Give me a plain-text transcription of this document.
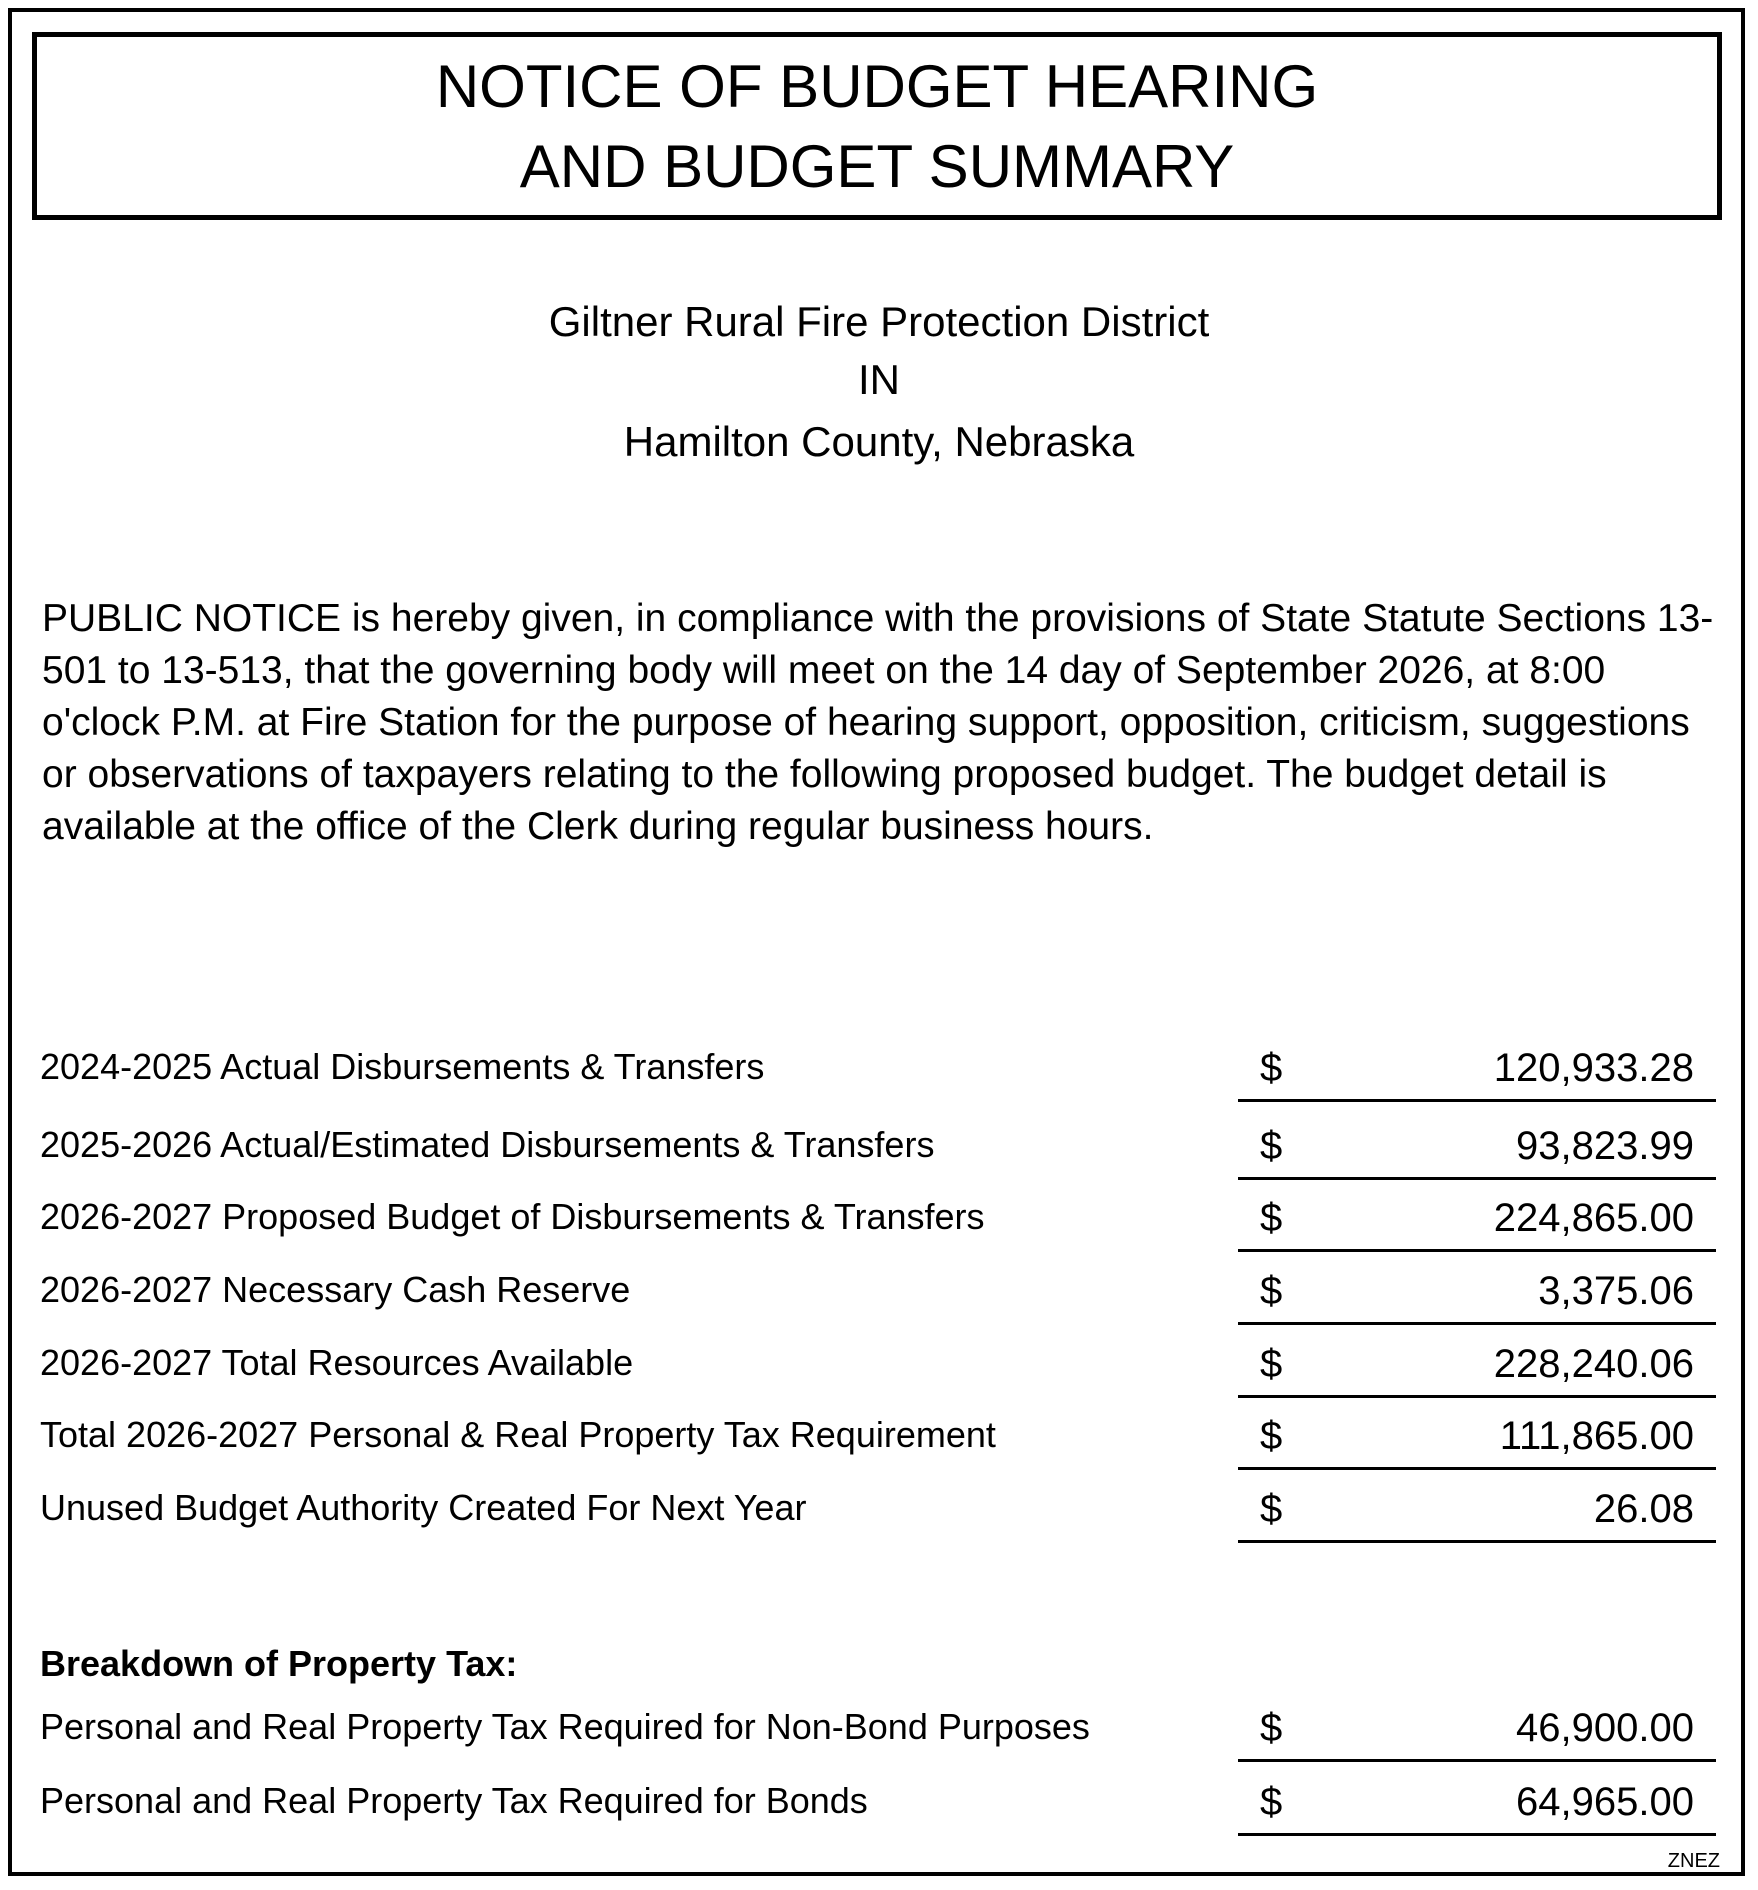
NOTICE OF BUDGET HEARING
AND BUDGET SUMMARY
Giltner Rural Fire Protection District
IN
Hamilton County, Nebraska
PUBLIC NOTICE is hereby given, in compliance with the provisions of State Statute Sections 13-501 to 13-513, that the governing body will meet on the 14 day of September 2026, at 8:00 o'clock P.M. at Fire Station for the purpose of hearing support, opposition, criticism, suggestions or observations of taxpayers relating to the following proposed budget. The budget detail is available at the office of the Clerk during regular business hours.
2024-2025 Actual Disbursements & Transfers	$	120,933.28
2025-2026 Actual/Estimated Disbursements & Transfers	$	93,823.99
2026-2027 Proposed Budget of Disbursements & Transfers	$	224,865.00
2026-2027 Necessary Cash Reserve	$	3,375.06
2026-2027 Total Resources Available	$	228,240.06
Total 2026-2027 Personal & Real Property Tax Requirement	$	111,865.00
Unused Budget Authority Created For Next Year	$	26.08
Breakdown of Property Tax:
Personal and Real Property Tax Required for Non-Bond Purposes	$	46,900.00
Personal and Real Property Tax Required for Bonds	$	64,965.00
ZNEZ
